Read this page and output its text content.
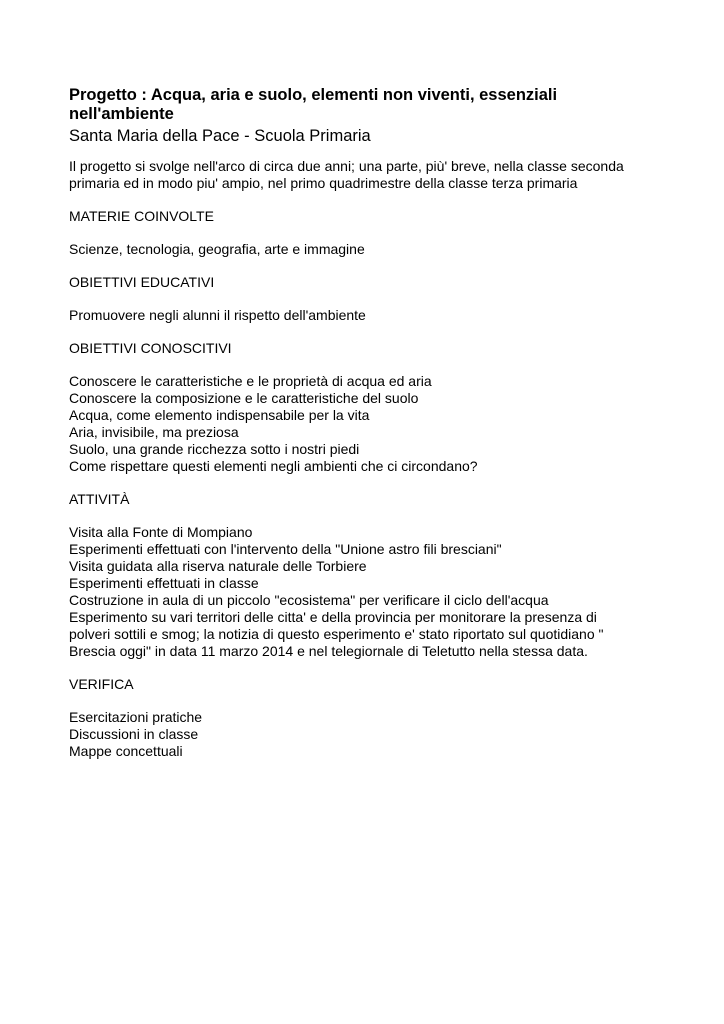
Progetto : Acqua, aria e suolo, elementi non viventi, essenziali
nell'ambiente
Santa Maria della Pace - Scuola Primaria

Il progetto si svolge nell'arco di circa due anni; una parte, più' breve, nella classe seconda
primaria ed in modo piu' ampio, nel primo quadrimestre della classe terza primaria

MATERIE COINVOLTE
Scienze, tecnologia, geografia, arte e immagine
OBIETTIVI EDUCATIVI
Promuovere negli alunni il rispetto dell'ambiente
OBIETTIVI CONOSCITIVI
Conoscere le caratteristiche e le proprietà di acqua ed aria
Conoscere la composizione e le caratteristiche del suolo
Acqua, come elemento indispensabile per la vita
Aria, invisibile, ma preziosa
Suolo, una grande ricchezza sotto i nostri piedi
Come rispettare questi elementi negli ambienti che ci circondano?
ATTIVITÀ
Visita alla Fonte di Mompiano
Esperimenti effettuati con l'intervento della "Unione astro fili bresciani"
Visita guidata alla riserva naturale delle Torbiere
Esperimenti effettuati in classe
Costruzione in aula di un piccolo "ecosistema" per verificare il ciclo dell'acqua
Esperimento su vari territori delle citta' e della provincia per monitorare la presenza di
polveri sottili e smog; la notizia di questo esperimento e' stato riportato sul quotidiano "
Brescia oggi" in data 11 marzo 2014 e nel telegiornale di Teletutto nella stessa data.
VERIFICA
Esercitazioni pratiche
Discussioni in classe
Mappe concettuali
